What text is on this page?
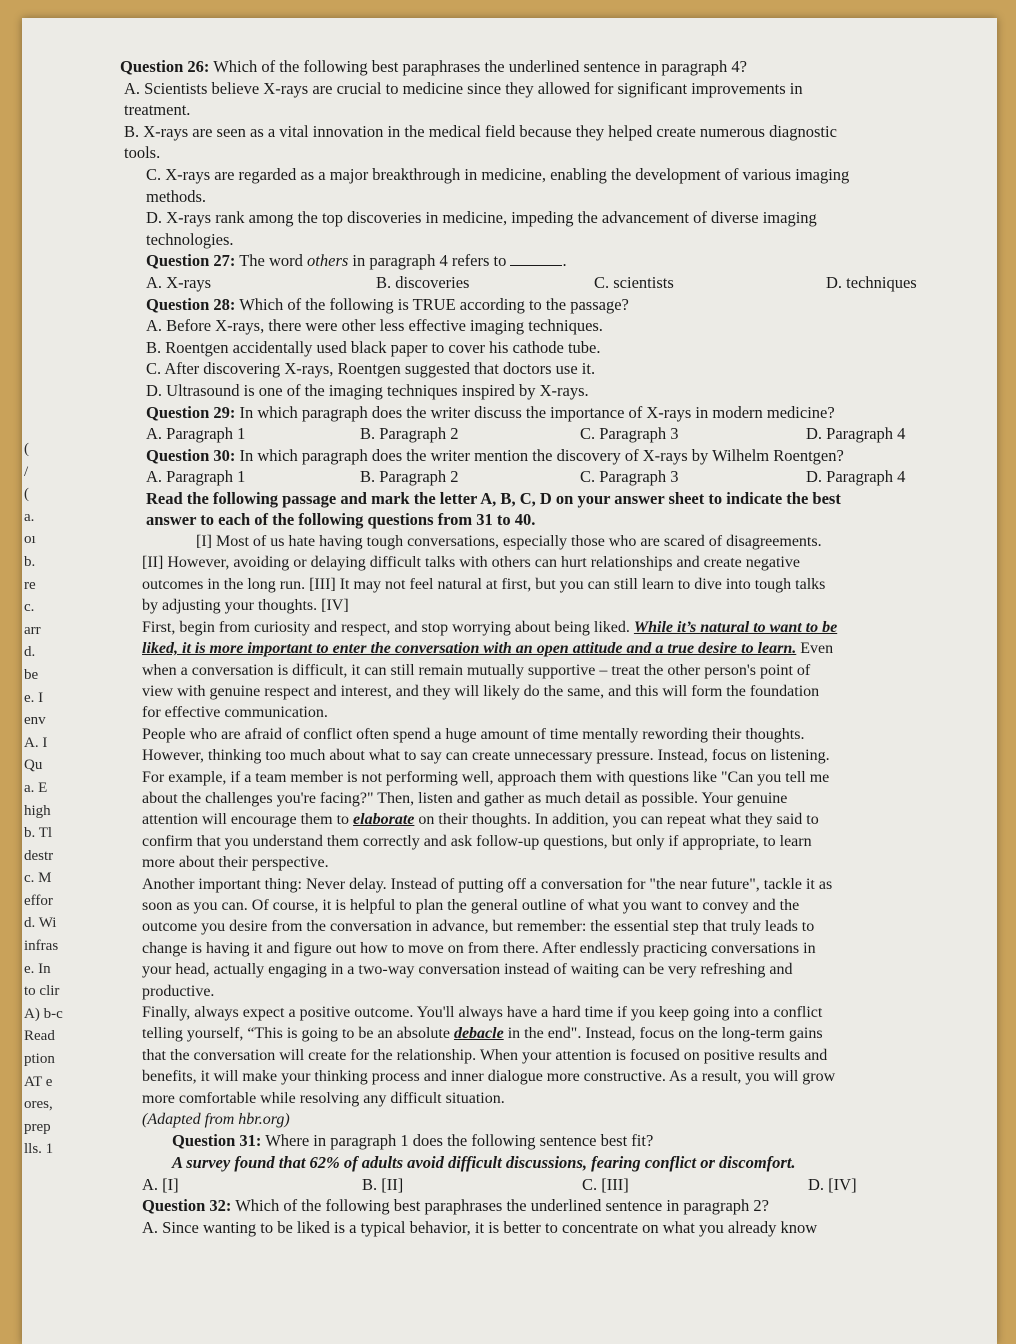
(
/
(
a.
oı
b.
re
c.
arr
d.
be
e. I
env
A. I
Qu
a. E
high
b. Tl
destr
c. M
effor
d. Wi
infras
e. In
to clir
A) b-c
Read
ption
AT e
ores,
prep
lls. 1
Question 26: Which of the following best paraphrases the underlined sentence in paragraph 4?
A. Scientists believe X-rays are crucial to medicine since they allowed for significant improvements in
treatment.
B. X-rays are seen as a vital innovation in the medical field because they helped create numerous diagnostic
tools.
C. X-rays are regarded as a major breakthrough in medicine, enabling the development of various imaging
methods.
D. X-rays rank among the top discoveries in medicine, impeding the advancement of diverse imaging
technologies.
Question 27: The word others in paragraph 4 refers to	.
A. X-rays	B. discoveries	C. scientists	D. techniques
Question 28: Which of the following is TRUE according to the passage?
A. Before X-rays, there were other less effective imaging techniques.
B. Roentgen accidentally used black paper to cover his cathode tube.
C. After discovering X-rays, Roentgen suggested that doctors use it.
D. Ultrasound is one of the imaging techniques inspired by X-rays.
Question 29: In which paragraph does the writer discuss the importance of X-rays in modern medicine?
A. Paragraph 1	B. Paragraph 2	C. Paragraph 3	D. Paragraph 4
Question 30: In which paragraph does the writer mention the discovery of X-rays by Wilhelm Roentgen?
A. Paragraph 1	B. Paragraph 2	C. Paragraph 3	D. Paragraph 4
Read the following passage and mark the letter A, B, C, D on your answer sheet to indicate the best
answer to each of the following questions from 31 to 40.
[I] Most of us hate having tough conversations, especially those who are scared of disagreements.
[II] However, avoiding or delaying difficult talks with others can hurt relationships and create negative
outcomes in the long run. [III] It may not feel natural at first, but you can still learn to dive into tough talks
by adjusting your thoughts. [IV]
First, begin from curiosity and respect, and stop worrying about being liked. While it’s natural to want to be
liked, it is more important to enter the conversation with an open attitude and a true desire to learn. Even
when a conversation is difficult, it can still remain mutually supportive – treat the other person's point of
view with genuine respect and interest, and they will likely do the same, and this will form the foundation
for effective communication.
People who are afraid of conflict often spend a huge amount of time mentally rewording their thoughts.
However, thinking too much about what to say can create unnecessary pressure. Instead, focus on listening.
For example, if a team member is not performing well, approach them with questions like "Can you tell me
about the challenges you're facing?" Then, listen and gather as much detail as possible. Your genuine
attention will encourage them to elaborate on their thoughts. In addition, you can repeat what they said to
confirm that you understand them correctly and ask follow-up questions, but only if appropriate, to learn
more about their perspective.
Another important thing: Never delay. Instead of putting off a conversation for "the near future", tackle it as
soon as you can. Of course, it is helpful to plan the general outline of what you want to convey and the
outcome you desire from the conversation in advance, but remember: the essential step that truly leads to
change is having it and figure out how to move on from there. After endlessly practicing conversations in
your head, actually engaging in a two-way conversation instead of waiting can be very refreshing and
productive.
Finally, always expect a positive outcome. You'll always have a hard time if you keep going into a conflict
telling yourself, “This is going to be an absolute debacle in the end". Instead, focus on the long-term gains
that the conversation will create for the relationship. When your attention is focused on positive results and
benefits, it will make your thinking process and inner dialogue more constructive. As a result, you will grow
more comfortable while resolving any difficult situation.
(Adapted from hbr.org)
Question 31: Where in paragraph 1 does the following sentence best fit?
A survey found that 62% of adults avoid difficult discussions, fearing conflict or discomfort.
A. [I]	B. [II]	C. [III]	D. [IV]
Question 32: Which of the following best paraphrases the underlined sentence in paragraph 2?
A. Since wanting to be liked is a typical behavior, it is better to concentrate on what you already know
